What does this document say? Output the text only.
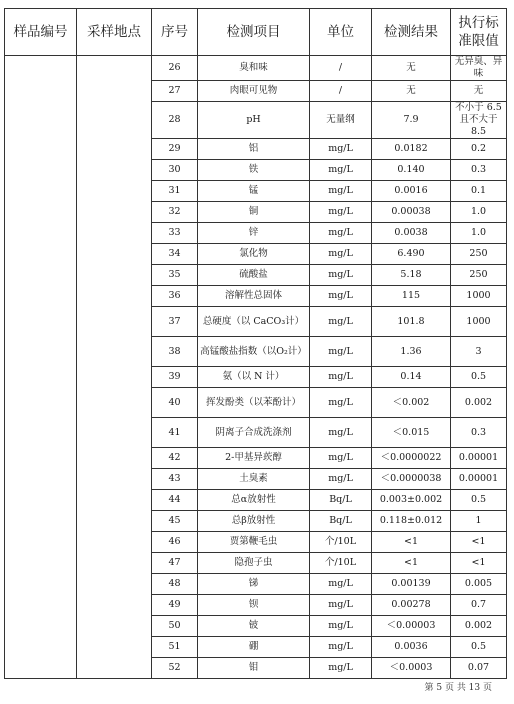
样品编号	采样地点	序号	检测项目	单位	检测结果	执行标准限值
		26	臭和味	/	无	无异臭、异味
		27	肉眼可见物	/	无	无
		28	pH	无量纲	7.9	不小于 6.5 且不大于 8.5
		29	铝	mg/L	0.0182	0.2
		30	铁	mg/L	0.140	0.3
		31	锰	mg/L	0.0016	0.1
		32	铜	mg/L	0.00038	1.0
		33	锌	mg/L	0.0038	1.0
		34	氯化物	mg/L	6.490	250
		35	硫酸盐	mg/L	5.18	250
		36	溶解性总固体	mg/L	115	1000
		37	总硬度（以 CaCO₃计）	mg/L	101.8	1000
		38	高锰酸盐指数（以O₂计）	mg/L	1.36	3
		39	氨（以 N 计）	mg/L	0.14	0.5
		40	挥发酚类（以苯酚计）	mg/L	＜0.002	0.002
		41	阴离子合成洗涤剂	mg/L	＜0.015	0.3
		42	2-甲基异莰醇	mg/L	＜0.0000022	0.00001
		43	土臭素	mg/L	＜0.0000038	0.00001
		44	总α放射性	Bq/L	0.003±0.002	0.5
		45	总β放射性	Bq/L	0.118±0.012	1
		46	贾第鞭毛虫	个/10L	<1	<1
		47	隐孢子虫	个/10L	<1	<1
		48	锑	mg/L	0.00139	0.005
		49	钡	mg/L	0.00278	0.7
		50	铍	mg/L	＜0.00003	0.002
		51	硼	mg/L	0.0036	0.5
		52	钼	mg/L	＜0.0003	0.07
第 5 页 共 13 页
